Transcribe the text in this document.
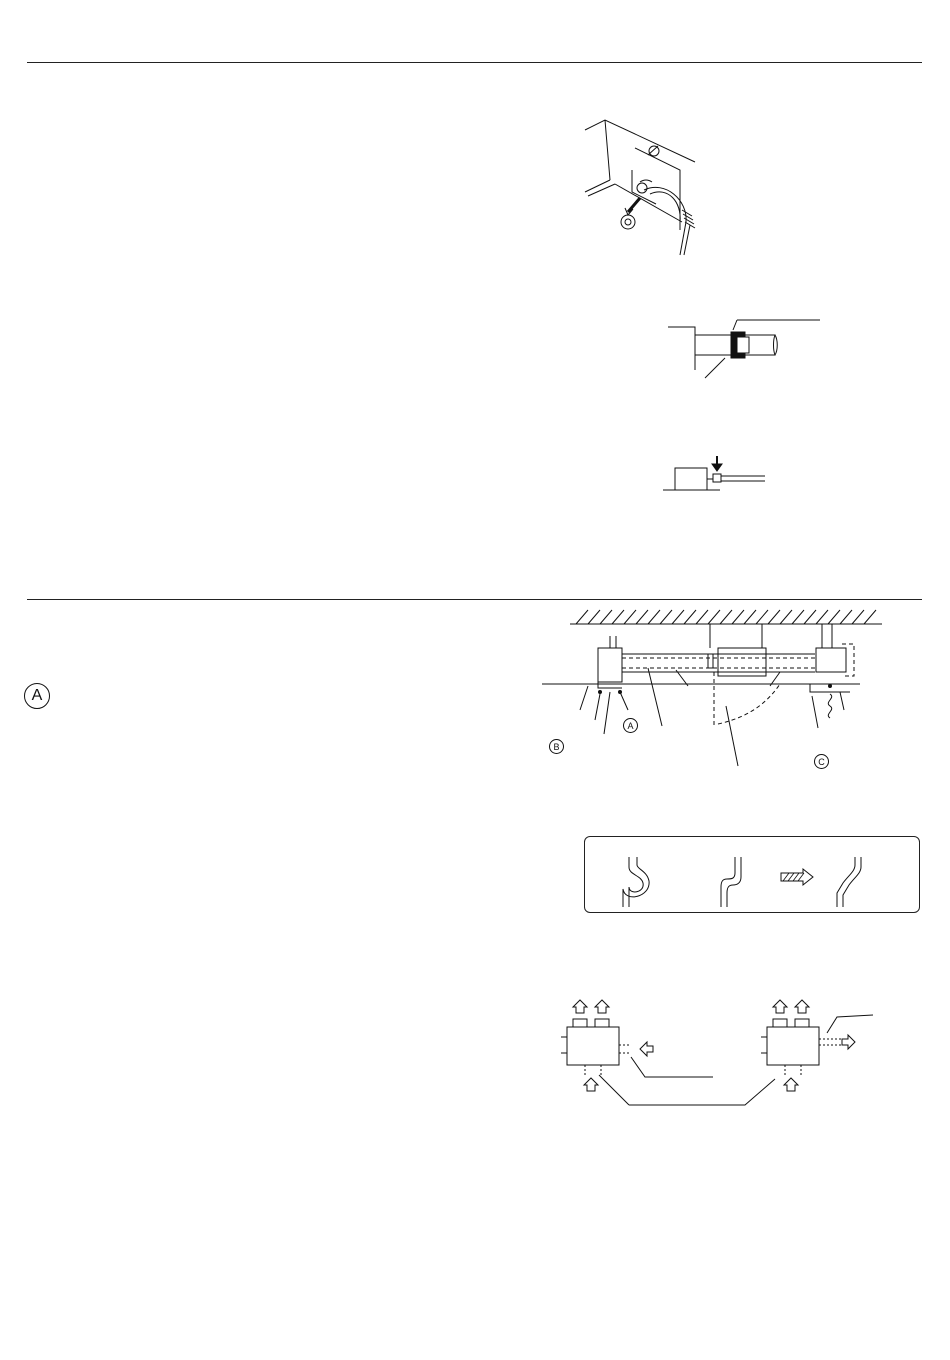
A
A
B
C
